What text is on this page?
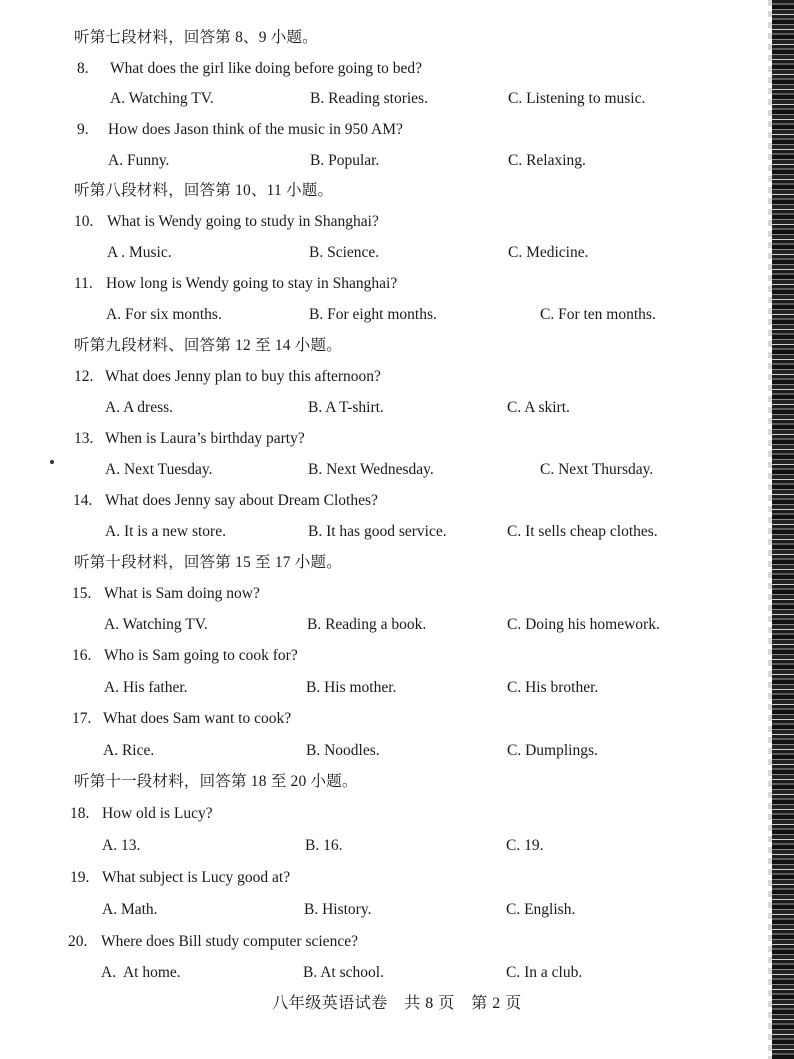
听第七段材料，回答第 8、9 小题。
8. What does the girl like doing before going to bed?
A. Watching TV.	B. Reading stories.	C. Listening to music.
9. How does Jason think of the music in 950 AM?
A. Funny.	B. Popular.	C. Relaxing.
听第八段材料，回答第 10、11 小题。
10. What is Wendy going to study in Shanghai?
A . Music.	B. Science.	C. Medicine.
11. How long is Wendy going to stay in Shanghai?
A. For six months.	B. For eight months.	C. For ten months.
听第九段材料、回答第 12 至 14 小题。
12. What does Jenny plan to buy this afternoon?
A. A dress.	B. A T-shirt.	C. A skirt.
13. When is Laura’s birthday party?
A. Next Tuesday.	B. Next Wednesday.	C. Next Thursday.
14. What does Jenny say about Dream Clothes?
A. It is a new store.	B. It has good service.	C. It sells cheap clothes.
听第十段材料，回答第 15 至 17 小题。
15. What is Sam doing now?
A. Watching TV.	B. Reading a book.	C. Doing his homework.
16. Who is Sam going to cook for?
A. His father.	B. His mother.	C. His brother.
17. What does Sam want to cook?
A. Rice.	B. Noodles.	C. Dumplings.
听第十一段材料，回答第 18 至 20 小题。
18. How old is Lucy?
A. 13.	B. 16.	C. 19.
19. What subject is Lucy good at?
A. Math.	B. History.	C. English.
20. Where does Bill study computer science?
A.  At home.	B. At school.	C. In a club.
八年级英语试卷 共 8 页 第 2 页
